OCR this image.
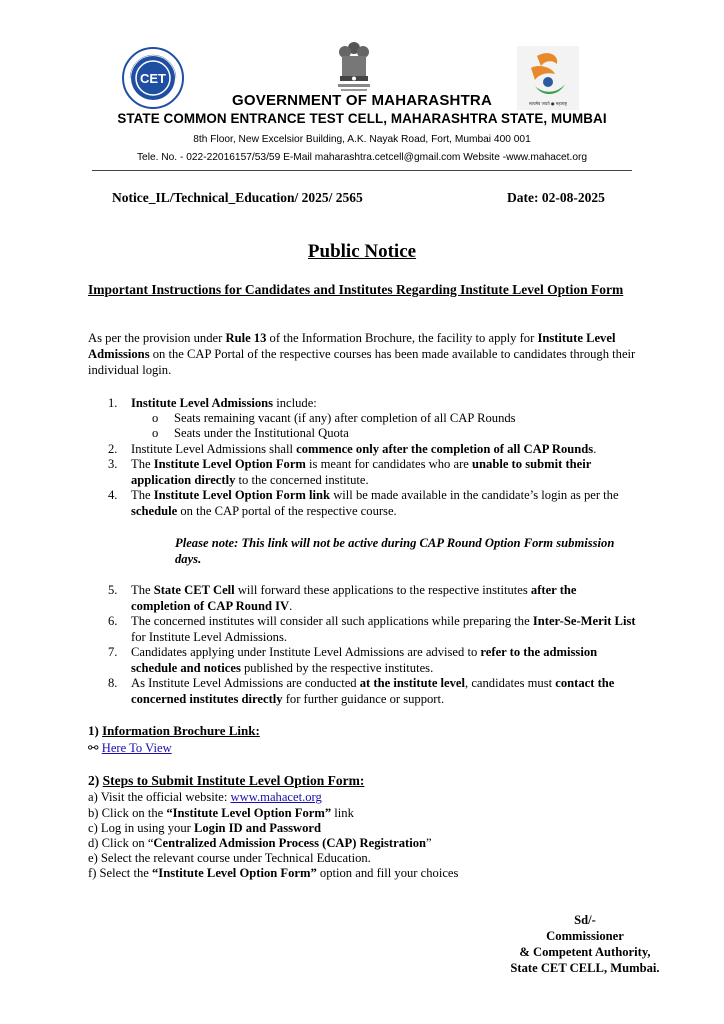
CET
सत्यमेव जयते ● महाराष्ट्र
GOVERNMENT OF MAHARASHTRA
STATE COMMON ENTRANCE TEST CELL, MAHARASHTRA STATE, MUMBAI
8th Floor, New Excelsior Building, A.K. Nayak Road, Fort, Mumbai 400 001
Tele. No. - 022-22016157/53/59 E-Mail maharashtra.cetcell@gmail.com Website -www.mahacet.org
Notice_IL/Technical_Education/ 2025/ 2565	Date: 02-08-2025
Public Notice
Important Instructions for Candidates and Institutes Regarding Institute Level Option Form
As per the provision under Rule 13 of the Information Brochure, the facility to apply for Institute Level Admissions on the CAP Portal of the respective courses has been made available to candidates through their individual login.
1. Institute Level Admissions include:
o Seats remaining vacant (if any) after completion of all CAP Rounds
o Seats under the Institutional Quota
2. Institute Level Admissions shall commence only after the completion of all CAP Rounds.
3. The Institute Level Option Form is meant for candidates who are unable to submit their application directly to the concerned institute.
4. The Institute Level Option Form link will be made available in the candidate’s login as per the schedule on the CAP portal of the respective course.
Please note: This link will not be active during CAP Round Option Form submission days.
5. The State CET Cell will forward these applications to the respective institutes after the completion of CAP Round IV.
6. The concerned institutes will consider all such applications while preparing the Inter-Se-Merit List for Institute Level Admissions.
7. Candidates applying under Institute Level Admissions are advised to refer to the admission schedule and notices published by the respective institutes.
8. As Institute Level Admissions are conducted at the institute level, candidates must contact the concerned institutes directly for further guidance or support.
1) Information Brochure Link:
⚯ Here To View
2) Steps to Submit Institute Level Option Form:
a) Visit the official website: www.mahacet.org
b) Click on the “Institute Level Option Form” link
c) Log in using your Login ID and Password
d) Click on “Centralized Admission Process (CAP) Registration”
e) Select the relevant course under Technical Education.
f) Select the “Institute Level Option Form” option and fill your choices
Sd/-
Commissioner
& Competent Authority,
State CET CELL, Mumbai.
